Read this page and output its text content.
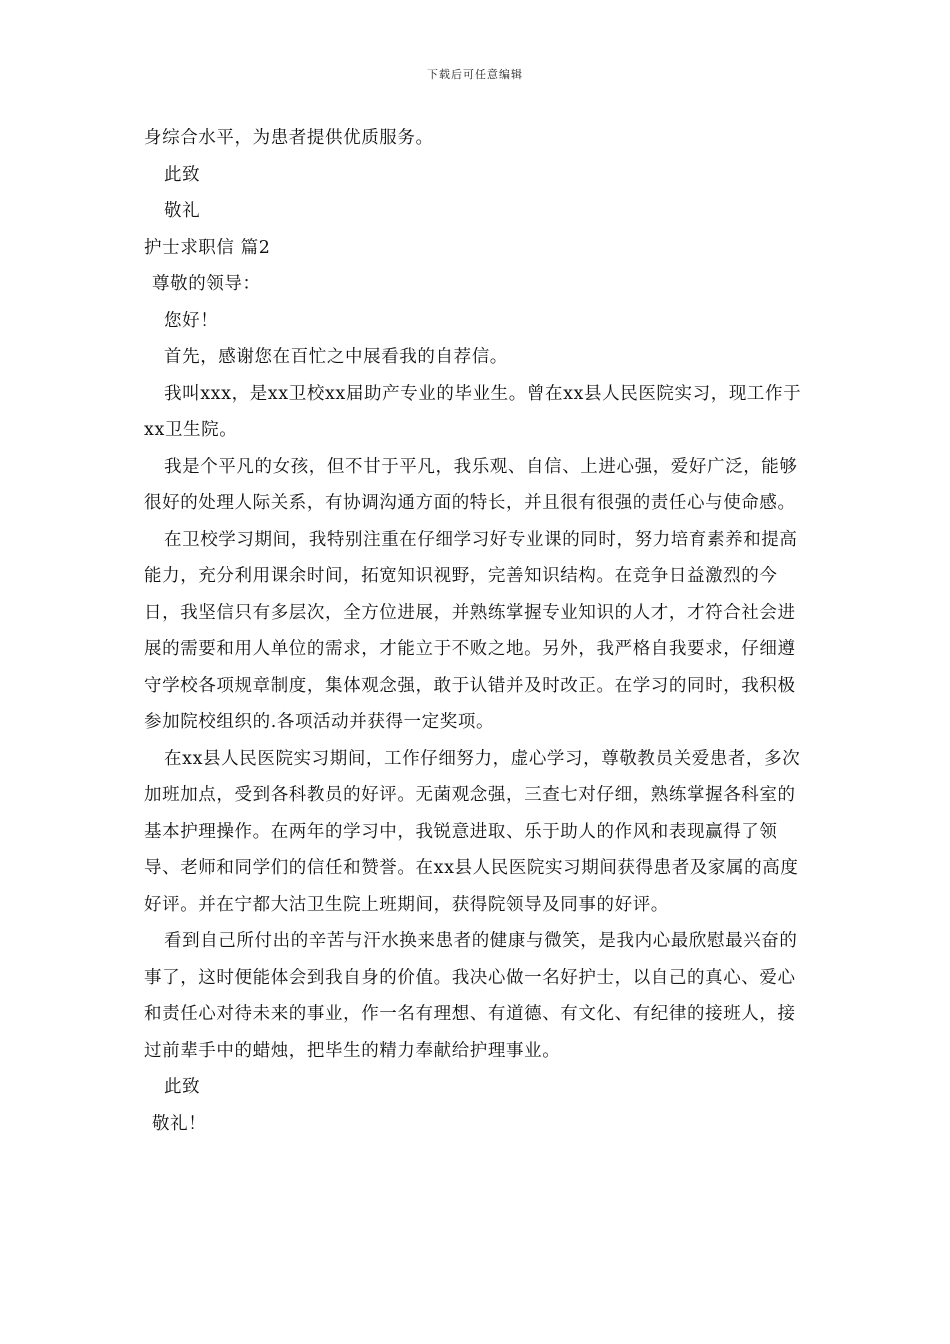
下载后可任意编辑

身综合水平，为患者提供优质服务。

此致

敬礼

护士求职信 篇2

尊敬的领导：

您好！

首先，感谢您在百忙之中展看我的自荐信。

我叫xxx，是xx卫校xx届助产专业的毕业生。曾在xx县人民医院实习，现工作于xx卫生院。

我是个平凡的女孩，但不甘于平凡，我乐观、自信、上进心强，爱好广泛，能够很好的处理人际关系，有协调沟通方面的特长，并且很有很强的责任心与使命感。

在卫校学习期间，我特别注重在仔细学习好专业课的同时，努力培育素养和提高能力，充分利用课余时间，拓宽知识视野，完善知识结构。在竞争日益激烈的今日，我坚信只有多层次，全方位进展，并熟练掌握专业知识的人才，才符合社会进展的需要和用人单位的需求，才能立于不败之地。另外，我严格自我要求，仔细遵守学校各项规章制度，集体观念强，敢于认错并及时改正。在学习的同时，我积极参加院校组织的.各项活动并获得一定奖项。

在xx县人民医院实习期间，工作仔细努力，虚心学习，尊敬教员关爱患者，多次加班加点，受到各科教员的好评。无菌观念强，三查七对仔细，熟练掌握各科室的基本护理操作。在两年的学习中，我锐意进取、乐于助人的作风和表现赢得了领导、老师和同学们的信任和赞誉。在xx县人民医院实习期间获得患者及家属的高度好评。并在宁都大沽卫生院上班期间，获得院领导及同事的好评。

看到自己所付出的辛苦与汗水换来患者的健康与微笑，是我内心最欣慰最兴奋的事了，这时便能体会到我自身的价值。我决心做一名好护士，以自己的真心、爱心和责任心对待未来的事业，作一名有理想、有道德、有文化、有纪律的接班人，接过前辈手中的蜡烛，把毕生的精力奉献给护理事业。

此致

敬礼！
